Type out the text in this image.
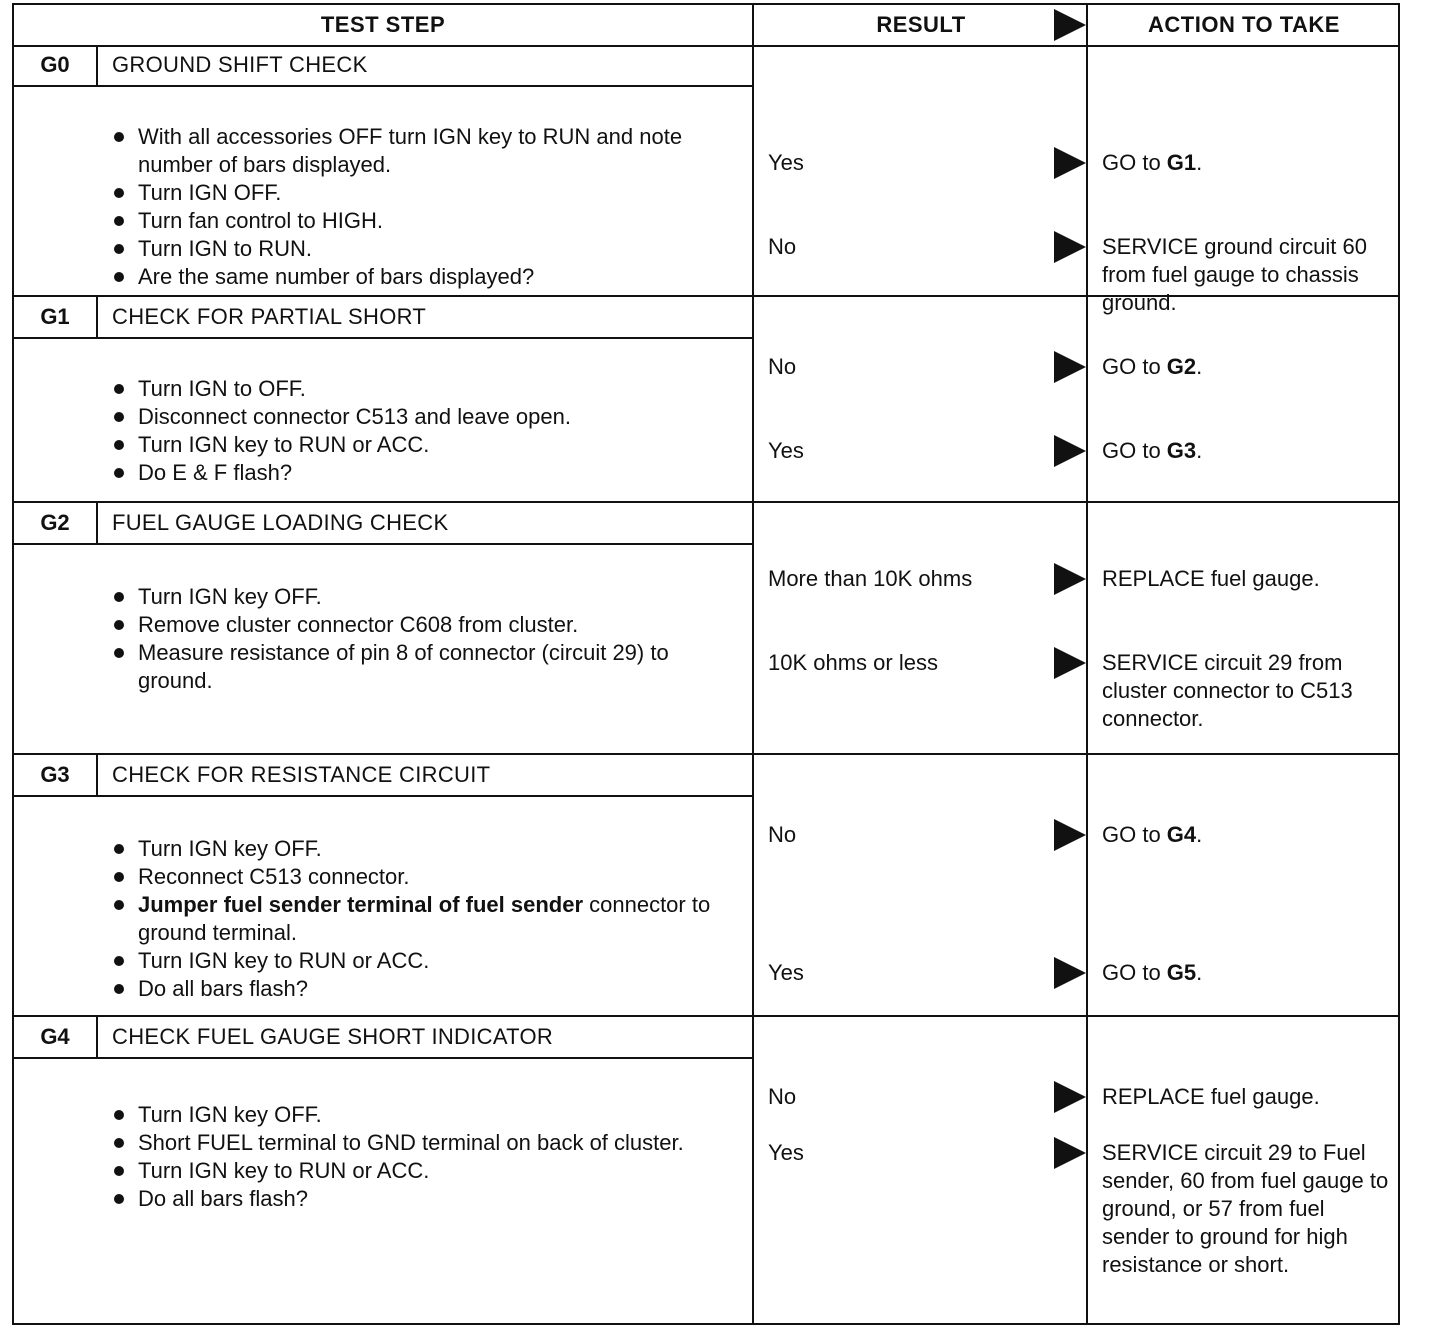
TEST STEP	RESULT	ACTION TO TAKE
G0	GROUND SHIFT CHECK
With all accessories OFF turn IGN key to RUN and note number of bars displayed.
Turn IGN OFF.
Turn fan control to HIGH.
Turn IGN to RUN.
Are the same number of bars displayed?
Yes	GO to G1.
No	SERVICE ground circuit 60 from fuel gauge to chassis ground.
G1	CHECK FOR PARTIAL SHORT
Turn IGN to OFF.
Disconnect connector C513 and leave open.
Turn IGN key to RUN or ACC.
Do E & F flash?
No	GO to G2.
Yes	GO to G3.
G2	FUEL GAUGE LOADING CHECK
Turn IGN key OFF.
Remove cluster connector C608 from cluster.
Measure resistance of pin 8 of connector (circuit 29) to ground.
More than 10K ohms	REPLACE fuel gauge.
10K ohms or less	SERVICE circuit 29 from cluster connector to C513 connector.
G3	CHECK FOR RESISTANCE CIRCUIT
Turn IGN key OFF.
Reconnect C513 connector.
Jumper fuel sender terminal of fuel sender connector to ground terminal.
Turn IGN key to RUN or ACC.
Do all bars flash?
No	GO to G4.
Yes	GO to G5.
G4	CHECK FUEL GAUGE SHORT INDICATOR
Turn IGN key OFF.
Short FUEL terminal to GND terminal on back of cluster.
Turn IGN key to RUN or ACC.
Do all bars flash?
No	REPLACE fuel gauge.
Yes	SERVICE circuit 29 to Fuel sender, 60 from fuel gauge to ground, or 57 from fuel sender to ground for high resistance or short.
